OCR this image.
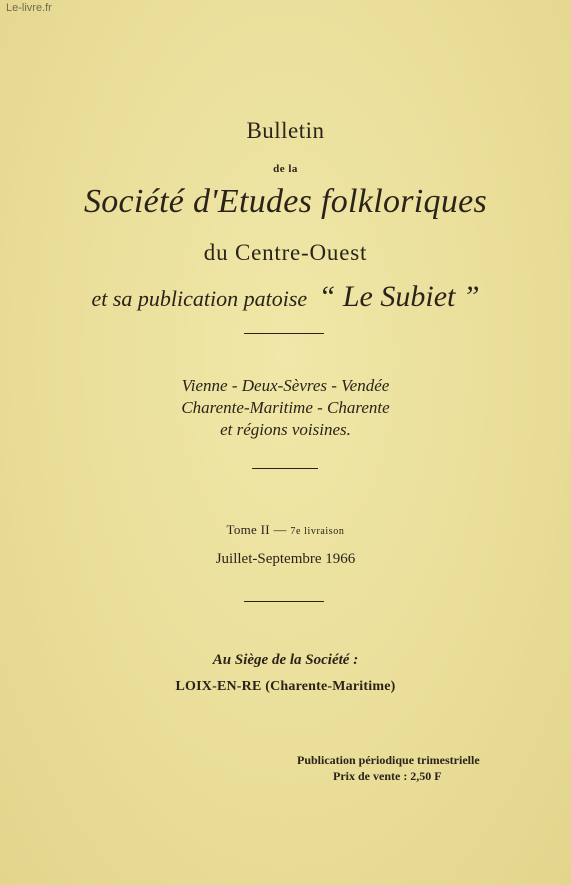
Le-livre.fr
Bulletin
de la
Société d'Etudes folkloriques
du Centre-Ouest
et sa publication patoise “ Le Subiet ”
Vienne - Deux-Sèvres - Vendée
Charente-Maritime - Charente
et régions voisines.
Tome II — 7e livraison
Juillet-Septembre 1966
Au Siège de la Société :
LOIX-EN-RE (Charente-Maritime)
Publication périodique trimestrielle
Prix de vente : 2,50 F
